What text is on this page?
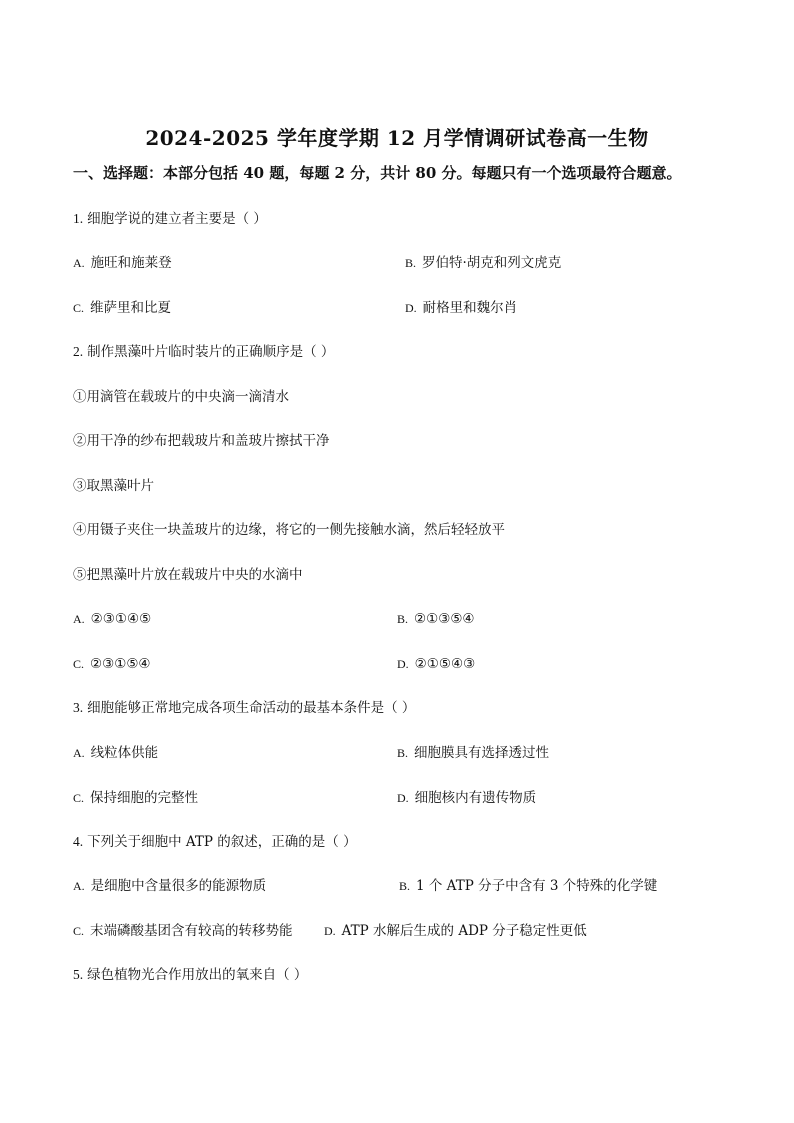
2024-2025 学年度学期 12 月学情调研试卷高一生物
一、选择题：本部分包括 40 题，每题 2 分，共计 80 分。每题只有一个选项最符合题意。
1. 细胞学说的建立者主要是（ ）
A. 施旺和施莱登	B. 罗伯特·胡克和列文虎克
C. 维萨里和比夏	D. 耐格里和魏尔肖
2. 制作黑藻叶片临时装片的正确顺序是（ ）
①用滴管在载玻片的中央滴一滴清水
②用干净的纱布把载玻片和盖玻片擦拭干净
③取黑藻叶片
④用镊子夹住一块盖玻片的边缘，将它的一侧先接触水滴，然后轻轻放平
⑤把黑藻叶片放在载玻片中央的水滴中
A. ②③①④⑤	B. ②①③⑤④
C. ②③①⑤④	D. ②①⑤④③
3. 细胞能够正常地完成各项生命活动的最基本条件是（ ）
A. 线粒体供能	B. 细胞膜具有选择透过性
C. 保持细胞的完整性	D. 细胞核内有遗传物质
4. 下列关于细胞中 ATP 的叙述，正确的是（ ）
A. 是细胞中含量很多的能源物质	B. 1 个 ATP 分子中含有 3 个特殊的化学键
C. 末端磷酸基团含有较高的转移势能	D. ATP 水解后生成的 ADP 分子稳定性更低
5. 绿色植物光合作用放出的氧来自（ ）
